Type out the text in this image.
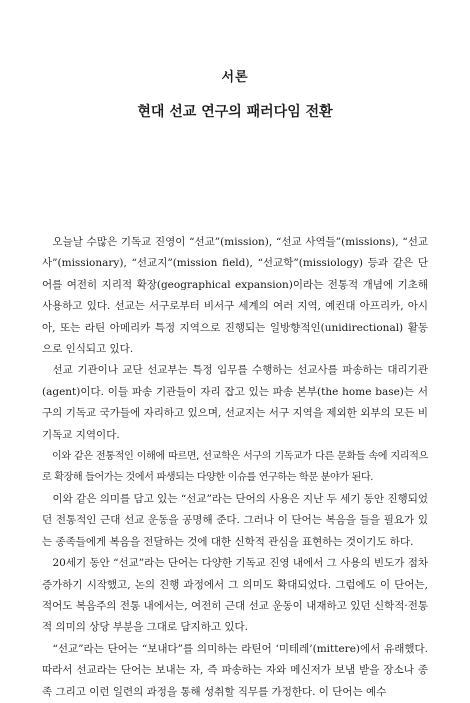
서론
현대 선교 연구의 패러다임 전환

오늘날 수많은 기독교 진영이 “선교”(mission), “선교 사역들”(missions), “선교사”(missionary), “선교지”(mission field), “선교학”(missiology) 등과 같은 단어를 여전히 지리적 확장(geographical expansion)이라는 전통적 개념에 기초해 사용하고 있다. 선교는 서구로부터 비서구 세계의 여러 지역, 예컨대 아프리카, 아시아, 또는 라틴 아메리카 특정 지역으로 진행되는 일방향적인(unidirectional) 활동으로 인식되고 있다.

선교 기관이나 교단 선교부는 특정 임무를 수행하는 선교사를 파송하는 대리기관(agent)이다. 이들 파송 기관들이 자리 잡고 있는 파송 본부(the home base)는 서구의 기독교 국가들에 자리하고 있으며, 선교지는 서구 지역을 제외한 외부의 모든 비기독교 지역이다.

이와 같은 전통적인 이해에 따르면, 선교학은 서구의 기독교가 다른 문화들 속에 지리적으로 확장해 들어가는 것에서 파생되는 다양한 이슈를 연구하는 학문 분야가 된다.

이와 같은 의미를 담고 있는 “선교”라는 단어의 사용은 지난 두 세기 동안 진행되었던 전통적인 근대 선교 운동을 공명해 준다. 그러나 이 단어는 복음을 들을 필요가 있는 종족들에게 복음을 전달하는 것에 대한 신학적 관심을 표현하는 것이기도 하다.

20세기 동안 “선교”라는 단어는 다양한 기독교 진영 내에서 그 사용의 빈도가 점차 증가하기 시작했고, 논의 진행 과정에서 그 의미도 확대되었다. 그럼에도 이 단어는, 적어도 복음주의 전통 내에서는, 여전히 근대 선교 운동이 내재하고 있던 신학적·전통적 의미의 상당 부분을 그대로 담지하고 있다.

“선교”라는 단어는 “보내다”를 의미하는 라틴어 ‘미테레’(mittere)에서 유래했다. 따라서 선교라는 단어는 보내는 자, 즉 파송하는 자와 메신저가 보냄 받을 장소나 종족 그리고 이런 일련의 과정을 통해 성취할 직무를 가정한다. 이 단어는 예수
